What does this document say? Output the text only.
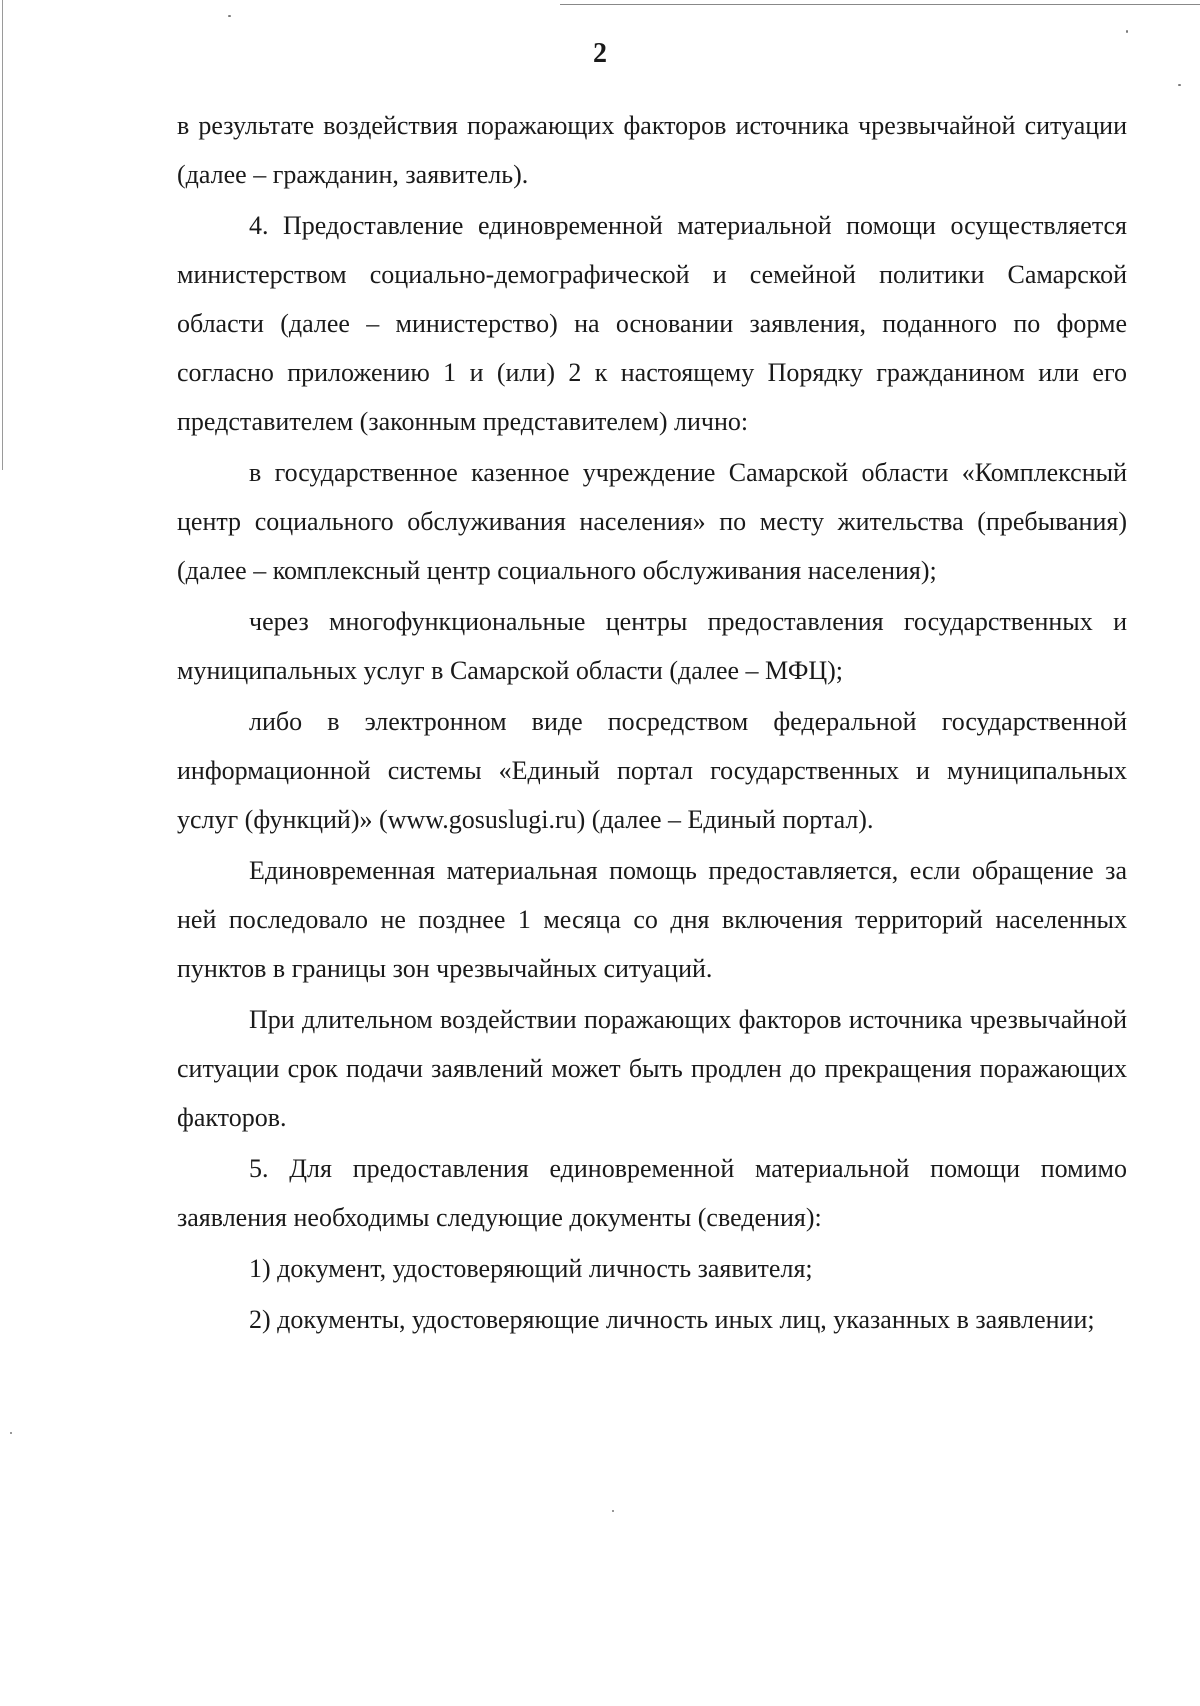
2

в результате воздействия поражающих факторов источника чрезвычайной ситуации (далее – гражданин, заявитель).

4. Предоставление единовременной материальной помощи осуществляется министерством социально-демографической и семейной политики Самарской области (далее – министерство) на основании заявления, поданного по форме согласно приложению 1 и (или) 2 к настоящему Порядку гражданином или его представителем (законным представителем) лично:

в государственное казенное учреждение Самарской области «Комплексный центр социального обслуживания населения» по месту жительства (пребывания) (далее – комплексный центр социального обслуживания населения);

через многофункциональные центры предоставления государственных и муниципальных услуг в Самарской области (далее – МФЦ);

либо в электронном виде посредством федеральной государственной информационной системы «Единый портал государственных и муниципальных услуг (функций)» (www.gosuslugi.ru) (далее – Единый портал).

Единовременная материальная помощь предоставляется, если обращение за ней последовало не позднее 1 месяца со дня включения территорий населенных пунктов в границы зон чрезвычайных ситуаций.

При длительном воздействии поражающих факторов источника чрезвычайной ситуации срок подачи заявлений может быть продлен до прекращения поражающих факторов.

5. Для предоставления единовременной материальной помощи помимо заявления необходимы следующие документы (сведения):

1) документ, удостоверяющий личность заявителя;

2) документы, удостоверяющие личность иных лиц, указанных в заявлении;
